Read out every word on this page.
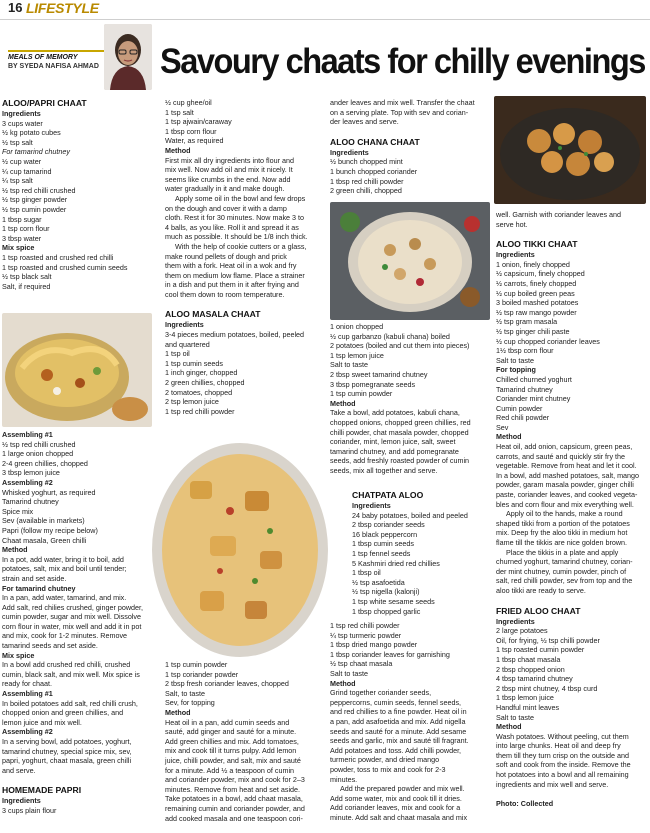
16 LIFESTYLE
MEALS OF MEMORY
BY SYEDA NAFISA AHMAD Savoury chaats for chilly evenings
ALOO/PAPRI CHAAT
Ingredients
3 cups water
½ kg potato cubes
½ tsp salt
For tamarind chutney
½ cup water
¼ cup tamarind
¼ tsp salt
½ tsp red chilli crushed
½ tsp ginger powder
½ tsp cumin powder
1 tbsp sugar
1 tsp corn flour
3 tbsp water
Mix spice
1 tsp roasted and crushed red chilli
1 tsp roasted and crushed cumin seeds
½ tsp black salt
Salt, if required
Assembling #1
½ tsp red chilli crushed
1 large onion chopped
2-4 green chillies, chopped
3 tbsp lemon juice
Assembling #2
Whisked yoghurt, as required
Tamarind chutney
Spice mix
Sev (available in markets)
Papri (follow my recipe below)
Chaat masala, Green chilli
Method
In a pot, add water, bring it to boil, add
potatoes, salt, mix and boil until tender;
strain and set aside.
For tamarind chutney
In a pan, add water, tamarind, and mix.
Add salt, red chilies crushed, ginger powder,
cumin powder, sugar and mix well. Dissolve
corn flour in water, mix well and add it in pot
and mix, cook for 1-2 minutes. Remove
tamarind seeds and set aside.
Mix spice
In a bowl add crushed red chilli, crushed
cumin, black salt, and mix well. Mix spice is
ready for chaat.
Assembling #1
In boiled potatoes add salt, red chilli crush,
chopped onion and green chillies, and
lemon juice and mix well.
Assembling #2
In a serving bowl, add potatoes, yoghurt,
tamarind chutney, special spice mix, sev,
papri, yoghurt, chaat masala, green chilli
and serve.
HOMEMADE PAPRI
Ingredients
3 cups plain flour
½ cup ghee/oil
1 tsp salt
1 tsp ajwain/caraway
1 tbsp corn flour
Water, as required
Method
First mix all dry ingredients into flour and
mix well. Now add oil and mix it nicely. It
seems like crumbs in the end. Now add
water gradually in it and make dough.
Apply some oil in the bowl and few drops
on the dough and cover it with a damp
cloth. Rest it for 30 minutes. Now make 3 to
4 balls, as you like. Roll it and spread it as
much as possible. It should be 1/8 inch thick.
With the help of cookie cutters or a glass,
make round pellets of dough and prick
them with a fork. Heat oil in a wok and fry
them on medium low flame. Place a strainer
in a dish and put them in it after frying and
cool them down to room temperature.
ALOO MASALA CHAAT
Ingredients
3-4 pieces medium potatoes, boiled, peeled
and quartered
1 tsp oil
1 tsp cumin seeds
1 inch ginger, chopped
2 green chillies, chopped
2 tomatoes, chopped
2 tsp lemon juice
1 tsp red chilli powder
1 tsp cumin powder
1 tsp coriander powder
2 tbsp fresh coriander leaves, chopped
Salt, to taste
Sev, for topping
Method
Heat oil in a pan, add cumin seeds and
sauté, add ginger and sauté for a minute.
Add green chillies and mix. Add tomatoes,
mix and cook till it turns pulpy. Add lemon
juice, chilli powder, and salt, mix and sauté
for a minute. Add ½ a teaspoon of cumin
and coriander powder, mix and cook for 2–3
minutes. Remove from heat and set aside.
Take potatoes in a bowl, add chaat masala,
remaining cumin and coriander powder, and
add cooked masala and one teaspoon cori-
ander leaves and mix well. Transfer the chaat
on a serving plate. Top with sev and corian-
der leaves and serve.
ALOO CHANA CHAAT
Ingredients
½ bunch chopped mint
1 bunch chopped coriander
1 tbsp red chilli powder
2 green chilli, chopped
1 onion chopped
½ cup garbanzo (kabuli chana) boiled
2 potatoes (boiled and cut them into pieces)
1 tsp lemon juice
Salt to taste
2 tbsp sweet tamarind chutney
3 tbsp pomegranate seeds
1 tsp cumin powder
Method
Take a bowl, add potatoes, kabuli chana,
chopped onions, chopped green chillies, red
chilli powder, chat masala powder, chopped
coriander, mint, lemon juice, salt, sweet
tamarind chutney, and add pomegranate
seeds, add freshly roasted powder of cumin
seeds, mix all together and serve.
CHATPATA ALOO
Ingredients
24 baby potatoes, boiled and peeled
2 tbsp coriander seeds
16 black peppercorn
1 tbsp cumin seeds
1 tsp fennel seeds
5 Kashmiri dried red chillies
1 tbsp oil
½ tsp asafoetida
½ tsp nigella (kalonji)
1 tsp white sesame seeds
1 tbsp chopped garlic
1 tsp red chilli powder
¼ tsp turmeric powder
1 tbsp dried mango powder
1 tbsp coriander leaves for garnishing
½ tsp chaat masala
Salt to taste
Method
Grind together coriander seeds,
peppercorns, cumin seeds, fennel seeds,
and red chillies to a fine powder. Heat oil in
a pan, add asafoetida and mix. Add nigella
seeds and sauté for a minute. Add sesame
seeds and garlic, mix and sauté till fragrant.
Add potatoes and toss. Add chilli powder,
turmeric powder, and dried mango
powder, toss to mix and cook for 2-3
minutes.
Add the prepared powder and mix well.
Add some water, mix and cook till it dries.
Add coriander leaves, mix and cook for a
minute. Add salt and chaat masala and mix
well. Garnish with coriander leaves and
serve hot.
ALOO TIKKI CHAAT
Ingredients
1 onion, finely chopped
½ capsicum, finely chopped
½ carrots, finely chopped
½ cup boiled green peas
3 boiled mashed potatoes
½ tsp raw mango powder
½ tsp gram masala
½ tsp ginger chili paste
½ cup chopped coriander leaves
1½ tbsp corn flour
Salt to taste
For topping
Chilled churned yoghurt
Tamarind chutney
Coriander mint chutney
Cumin powder
Red chili powder
Sev
Method
Heat oil, add onion, capsicum, green peas,
carrots, and sauté and quickly stir fry the
vegetable. Remove from heat and let it cool.
In a bowl, add mashed potatoes, salt, mango
powder, garam masala powder, ginger chilli
paste, coriander leaves, and cooked vegeta-
bles and corn flour and mix everything well.
Apply oil to the hands, make a round
shaped tikki from a portion of the potatoes
mix. Deep fry the aloo tikki in medium hot
flame till the tikkis are nice golden brown.
Place the tikkis in a plate and apply
churned yoghurt, tamarind chutney, corian-
der mint chutney, cumin powder, pinch of
salt, red chilli powder, sev from top and the
aloo tikki are ready to serve.
FRIED ALOO CHAAT
Ingredients
2 large potatoes
Oil, for frying, ½ tsp chilli powder
1 tsp roasted cumin powder
1 tbsp chaat masala
2 tbsp chopped onion
4 tbsp tamarind chutney
2 tbsp mint chutney, 4 tbsp curd
1 tbsp lemon juice
Handful mint leaves
Salt to taste
Method
Wash potatoes. Without peeling, cut them
into large chunks. Heat oil and deep fry
them till they turn crisp on the outside and
soft and cook from the inside. Remove the
hot potatoes into a bowl and all remaining
ingredients and mix well and serve.
Photo: Collected
